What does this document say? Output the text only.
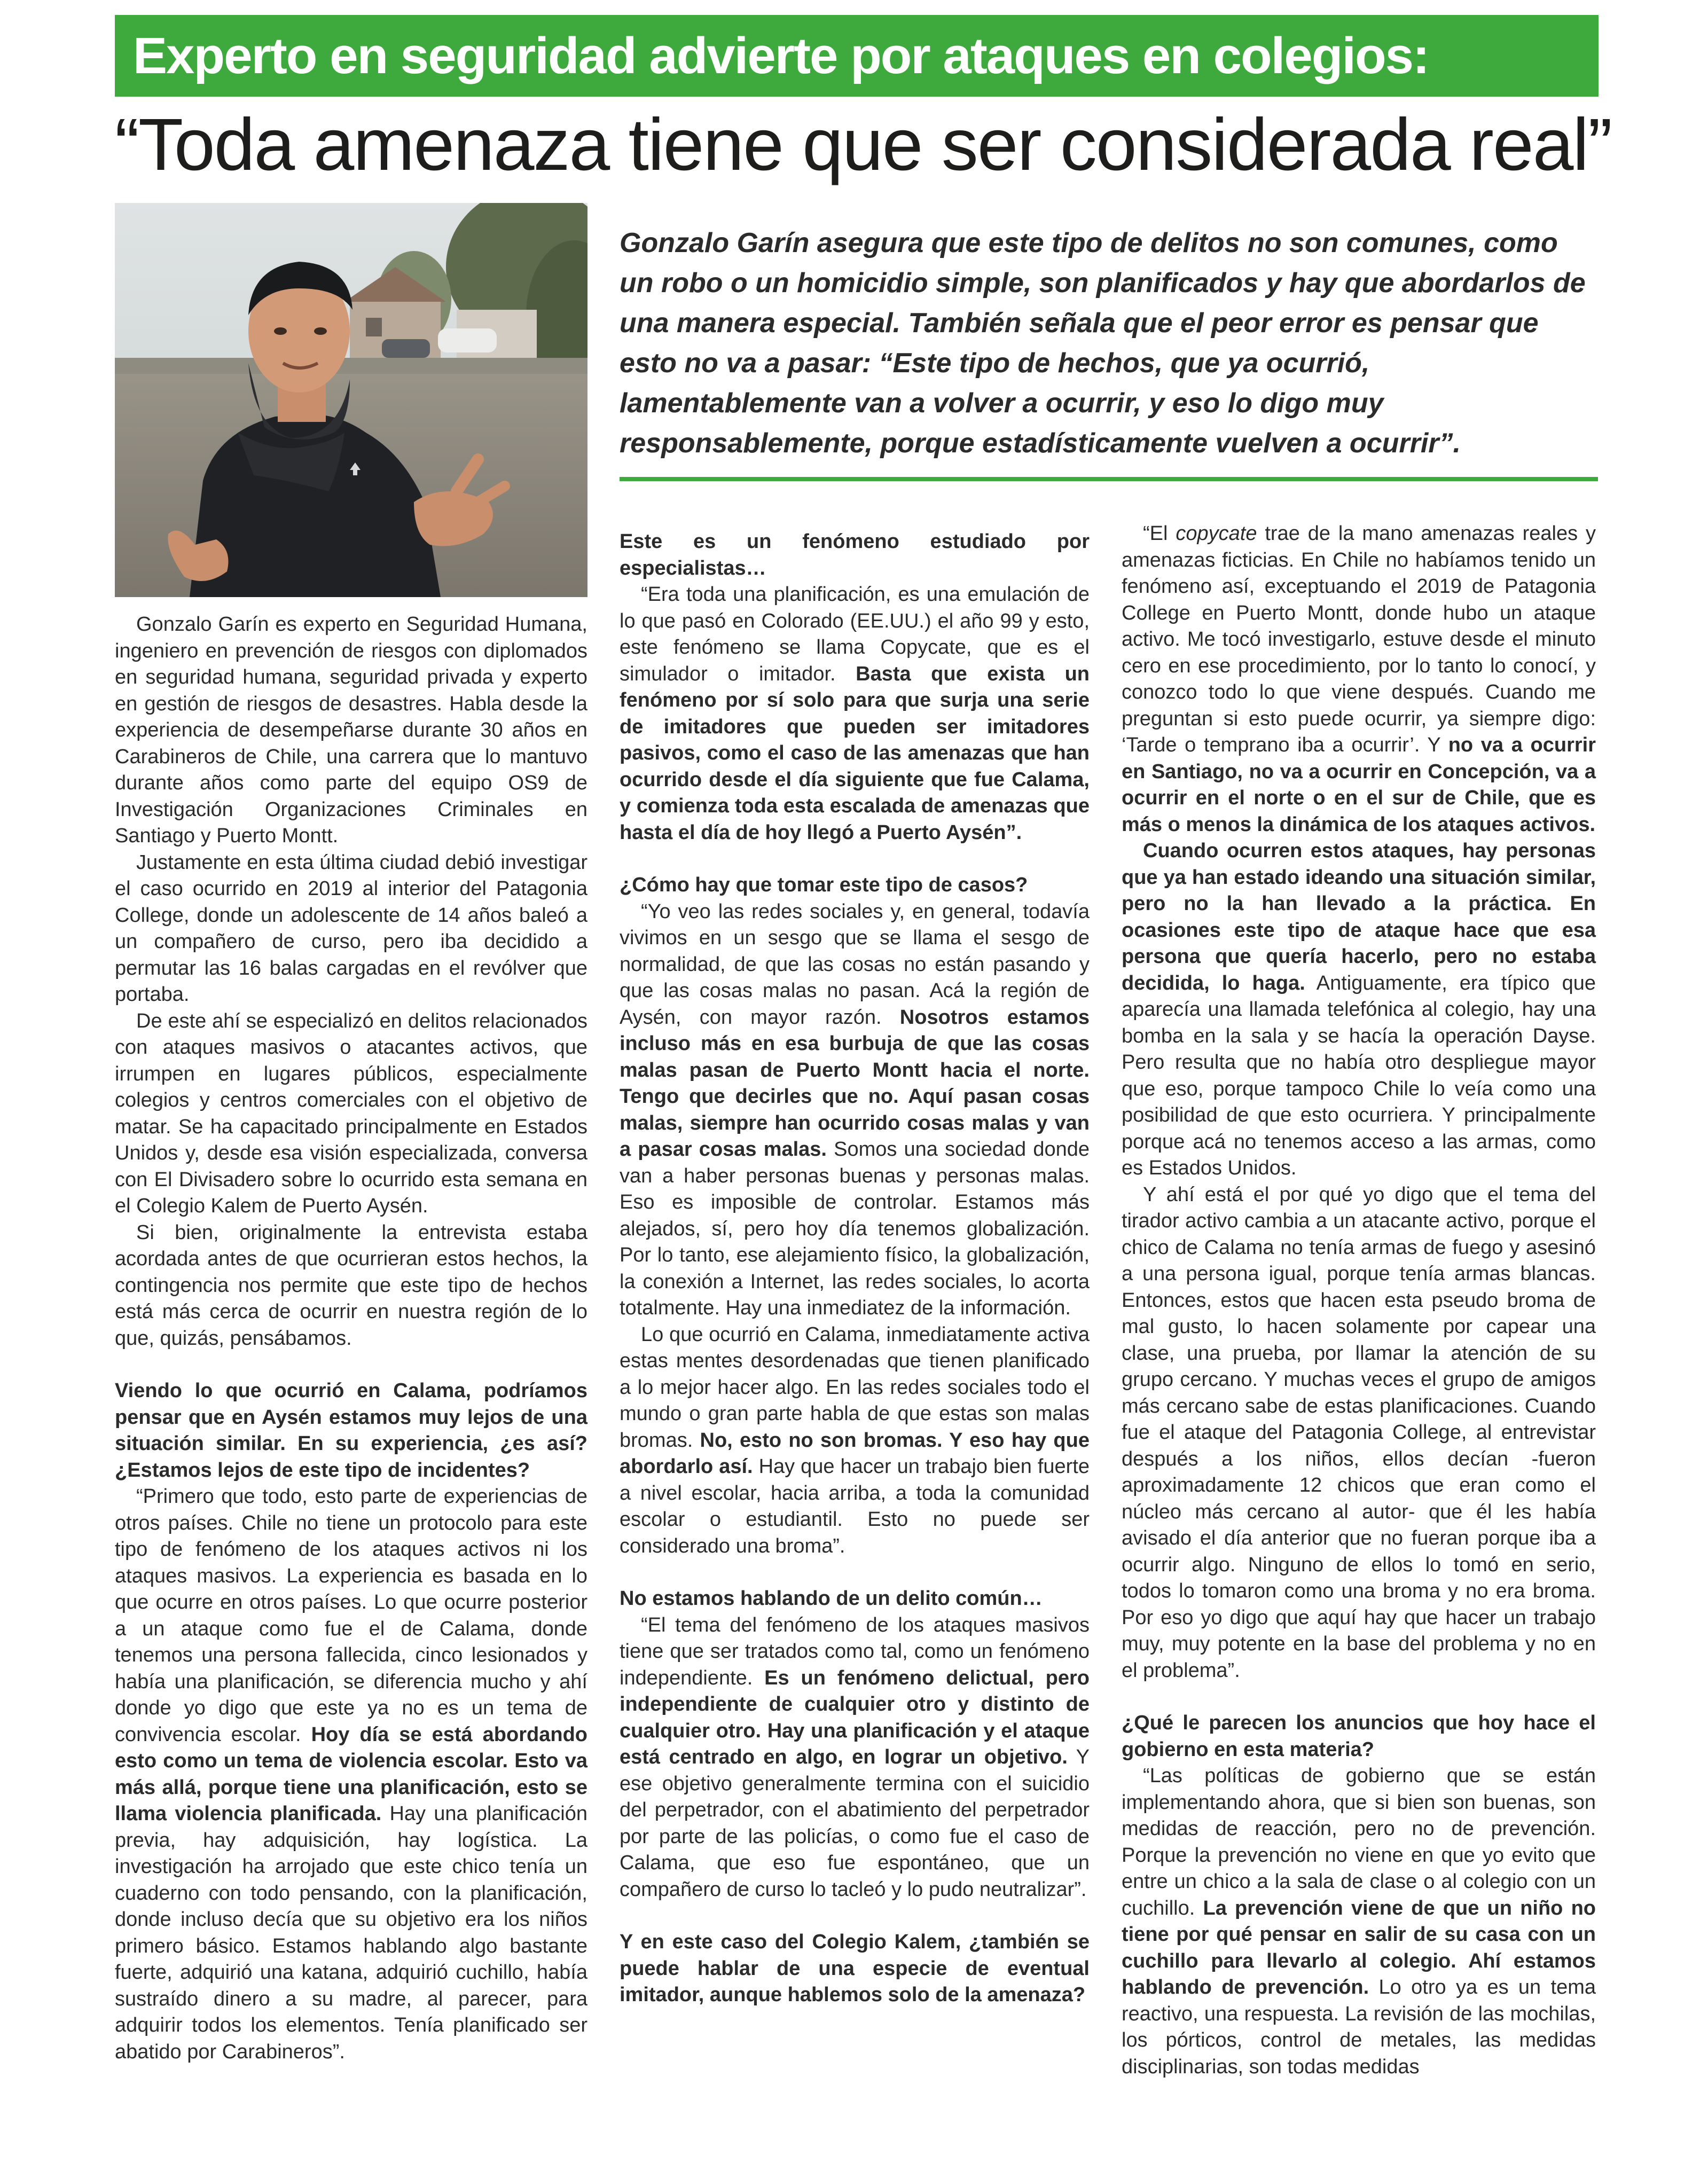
Experto en seguridad advierte por ataques en colegios:
“Toda amenaza tiene que ser considerada real”
Gonzalo Garín asegura que este tipo de delitos no son comunes, como un robo o un homicidio simple, son planificados y hay que abordarlos de una manera especial. También señala que el peor error es pensar que esto no va a pasar: “Este tipo de hechos, que ya ocurrió, lamentablemente van a volver a ocurrir, y eso lo digo muy responsablemente, porque estadísticamente vuelven a ocurrir”.

Gonzalo Garín es experto en Seguridad Humana, ingeniero en prevención de riesgos con diplomados en seguridad humana, seguridad privada y experto en gestión de riesgos de desastres. Habla desde la experiencia de desempeñarse durante 30 años en Carabineros de Chile, una carrera que lo mantuvo durante años como parte del equipo OS9 de Investigación Organizaciones Criminales en Santiago y Puerto Montt.

Justamente en esta última ciudad debió investigar el caso ocurrido en 2019 al interior del Patagonia College, donde un adolescente de 14 años baleó a un compañero de curso, pero iba decidido a permutar las 16 balas cargadas en el revólver que portaba.

De este ahí se especializó en delitos relacionados con ataques masivos o atacantes activos, que irrumpen en lugares públicos, especialmente colegios y centros comerciales con el objetivo de matar. Se ha capacitado principalmente en Estados Unidos y, desde esa visión especializada, conversa con El Divisadero sobre lo ocurrido esta semana en el Colegio Kalem de Puerto Aysén.

Si bien, originalmente la entrevista estaba acordada antes de que ocurrieran estos hechos, la contingencia nos permite que este tipo de hechos está más cerca de ocurrir en nuestra región de lo que, quizás, pensábamos.

Viendo lo que ocurrió en Calama, podríamos pensar que en Aysén estamos muy lejos de una situación similar. En su experiencia, ¿es así? ¿Estamos lejos de este tipo de incidentes?

“Primero que todo, esto parte de experiencias de otros países. Chile no tiene un protocolo para este tipo de fenómeno de los ataques activos ni los ataques masivos. La experiencia es basada en lo que ocurre en otros países. Lo que ocurre posterior a un ataque como fue el de Calama, donde tenemos una persona fallecida, cinco lesionados y había una planificación, se diferencia mucho y ahí donde yo digo que este ya no es un tema de convivencia escolar. Hoy día se está abordando esto como un tema de violencia escolar. Esto va más allá, porque tiene una planificación, esto se llama violencia planificada. Hay una planificación previa, hay adquisición, hay logística. La investigación ha arrojado que este chico tenía un cuaderno con todo pensando, con la planificación, donde incluso decía que su objetivo era los niños primero básico. Estamos hablando algo bastante fuerte, adquirió una katana, adquirió cuchillo, había sustraído dinero a su madre, al parecer, para adquirir todos los elementos. Tenía planificado ser abatido por Carabineros”.

Este es un fenómeno estudiado por especialistas…

“Era toda una planificación, es una emulación de lo que pasó en Colorado (EE.UU.) el año 99 y esto, este fenómeno se llama Copycate, que es el simulador o imitador. Basta que exista un fenómeno por sí solo para que surja una serie de imitadores que pueden ser imitadores pasivos, como el caso de las amenazas que han ocurrido desde el día siguiente que fue Calama, y comienza toda esta escalada de amenazas que hasta el día de hoy llegó a Puerto Aysén”.

¿Cómo hay que tomar este tipo de casos?

“Yo veo las redes sociales y, en general, todavía vivimos en un sesgo que se llama el sesgo de normalidad, de que las cosas no están pasando y que las cosas malas no pasan. Acá la región de Aysén, con mayor razón. Nosotros estamos incluso más en esa burbuja de que las cosas malas pasan de Puerto Montt hacia el norte. Tengo que decirles que no. Aquí pasan cosas malas, siempre han ocurrido cosas malas y van a pasar cosas malas. Somos una sociedad donde van a haber personas buenas y personas malas. Eso es imposible de controlar. Estamos más alejados, sí, pero hoy día tenemos globalización. Por lo tanto, ese alejamiento físico, la globalización, la conexión a Internet, las redes sociales, lo acorta totalmente. Hay una inmediatez de la información.

Lo que ocurrió en Calama, inmediatamente activa estas mentes desordenadas que tienen planificado a lo mejor hacer algo. En las redes sociales todo el mundo o gran parte habla de que estas son malas bromas. No, esto no son bromas. Y eso hay que abordarlo así. Hay que hacer un trabajo bien fuerte a nivel escolar, hacia arriba, a toda la comunidad escolar o estudiantil. Esto no puede ser considerado una broma”.

No estamos hablando de un delito común…

“El tema del fenómeno de los ataques masivos tiene que ser tratados como tal, como un fenómeno independiente. Es un fenómeno delictual, pero independiente de cualquier otro y distinto de cualquier otro. Hay una planificación y el ataque está centrado en algo, en lograr un objetivo. Y ese objetivo generalmente termina con el suicidio del perpetrador, con el abatimiento del perpetrador por parte de las policías, o como fue el caso de Calama, que eso fue espontáneo, que un compañero de curso lo tacleó y lo pudo neutralizar”.

Y en este caso del Colegio Kalem, ¿también se puede hablar de una especie de eventual imitador, aunque hablemos solo de la amenaza?

“El copycate trae de la mano amenazas reales y amenazas ficticias. En Chile no habíamos tenido un fenómeno así, exceptuando el 2019 de Patagonia College en Puerto Montt, donde hubo un ataque activo. Me tocó investigarlo, estuve desde el minuto cero en ese procedimiento, por lo tanto lo conocí, y conozco todo lo que viene después. Cuando me preguntan si esto puede ocurrir, ya siempre digo: ‘Tarde o temprano iba a ocurrir’. Y no va a ocurrir en Santiago, no va a ocurrir en Concepción, va a ocurrir en el norte o en el sur de Chile, que es más o menos la dinámica de los ataques activos.

Cuando ocurren estos ataques, hay personas que ya han estado ideando una situación similar, pero no la han llevado a la práctica. En ocasiones este tipo de ataque hace que esa persona que quería hacerlo, pero no estaba decidida, lo haga. Antiguamente, era típico que aparecía una llamada telefónica al colegio, hay una bomba en la sala y se hacía la operación Dayse. Pero resulta que no había otro despliegue mayor que eso, porque tampoco Chile lo veía como una posibilidad de que esto ocurriera. Y principalmente porque acá no tenemos acceso a las armas, como es Estados Unidos.

Y ahí está el por qué yo digo que el tema del tirador activo cambia a un atacante activo, porque el chico de Calama no tenía armas de fuego y asesinó a una persona igual, porque tenía armas blancas. Entonces, estos que hacen esta pseudo broma de mal gusto, lo hacen solamente por capear una clase, una prueba, por llamar la atención de su grupo cercano. Y muchas veces el grupo de amigos más cercano sabe de estas planificaciones. Cuando fue el ataque del Patagonia College, al entrevistar después a los niños, ellos decían -fueron aproximadamente 12 chicos que eran como el núcleo más cercano al autor- que él les había avisado el día anterior que no fueran porque iba a ocurrir algo. Ninguno de ellos lo tomó en serio, todos lo tomaron como una broma y no era broma. Por eso yo digo que aquí hay que hacer un trabajo muy, muy potente en la base del problema y no en el problema”.

¿Qué le parecen los anuncios que hoy hace el gobierno en esta materia?

“Las políticas de gobierno que se están implementando ahora, que si bien son buenas, son medidas de reacción, pero no de prevención. Porque la prevención no viene en que yo evito que entre un chico a la sala de clase o al colegio con un cuchillo. La prevención viene de que un niño no tiene por qué pensar en salir de su casa con un cuchillo para llevarlo al colegio. Ahí estamos hablando de prevención. Lo otro ya es un tema reactivo, una respuesta. La revisión de las mochilas, los pórticos, control de metales, las medidas disciplinarias, son todas medidas
